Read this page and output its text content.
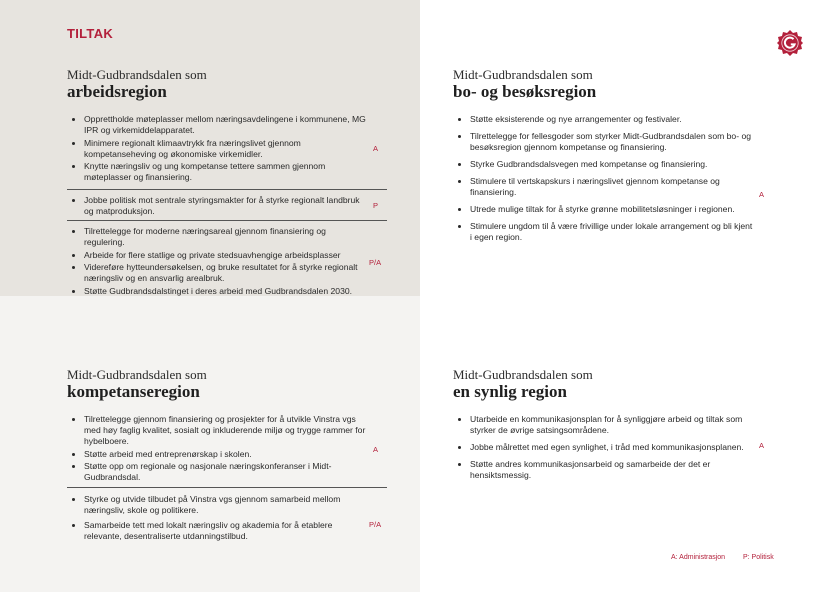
TILTAK
Midt-Gudbrandsdalen som
arbeidsregion
• Opprettholde møteplasser mellom næringsavdelingene i kommunene, MG IPR og virkemiddelapparatet.
• Minimere regionalt klimaavtrykk fra næringslivet gjennom kompetanseheving og økonomiske virkemidler.
• Knytte næringsliv og ung kompetanse tettere sammen gjennom møteplasser og finansiering.
A
• Jobbe politisk mot sentrale styringsmakter for å styrke regionalt landbruk og matproduksjon.
P
• Tilrettelegge for moderne næringsareal gjennom finansiering og regulering.
• Arbeide for flere statlige og private stedsuavhengige arbeidsplasser
• Videreføre hytteundersøkelsen, og bruke resultatet for å styrke regionalt næringsliv og en ansvarlig arealbruk.
• Støtte Gudbrandsdalstinget i deres arbeid med Gudbrandsdalen 2030.
P/A
Midt-Gudbrandsdalen som
bo- og besøksregion
• Støtte eksisterende og nye arrangementer og festivaler.
• Tilrettelegge for fellesgoder som styrker Midt-Gudbrandsdalen som bo- og besøksregion gjennom kompetanse og finansiering.
• Styrke Gudbrandsdalsvegen med kompetanse og finansiering.
• Stimulere til vertskapskurs i næringslivet gjennom kompetanse og finansiering.
• Utrede mulige tiltak for å styrke grønne mobilitetsløsninger i regionen.
• Stimulere ungdom til å være frivillige under lokale arrangement og bli kjent i egen region.
A
Midt-Gudbrandsdalen som
kompetanseregion
• Tilrettelegge gjennom finansiering og prosjekter for å utvikle Vinstra vgs med høy faglig kvalitet, sosialt og inkluderende miljø og trygge rammer for hybelboere.
• Støtte arbeid med entreprenørskap i skolen.
• Støtte opp om regionale og nasjonale næringskonferanser i Midt-Gudbrandsdal.
A
• Styrke og utvide tilbudet på Vinstra vgs gjennom samarbeid mellom næringsliv, skole og politikere.
• Samarbeide tett med lokalt næringsliv og akademia for å etablere relevante, desentraliserte utdanningstilbud.
P/A
Midt-Gudbrandsdalen som
en synlig region
• Utarbeide en kommunikasjonsplan for å synliggjøre arbeid og tiltak som styrker de øvrige satsingsområdene.
• Jobbe målrettet med egen synlighet, i tråd med kommunikasjonsplanen.
• Støtte andres kommunikasjonsarbeid og samarbeide der det er hensiktsmessig.
A
A: Administrasjon	P: Politisk
